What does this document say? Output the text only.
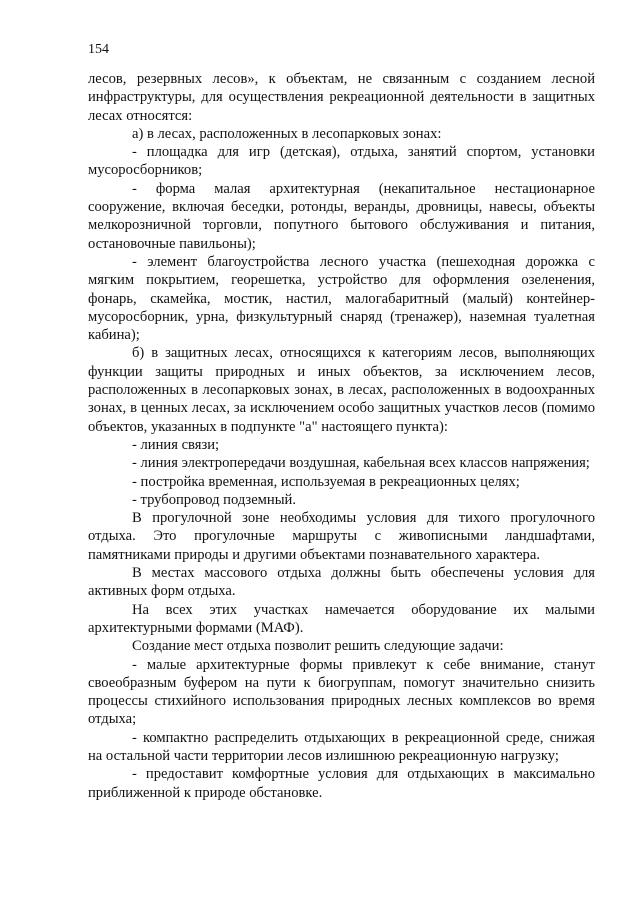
154

лесов, резервных лесов», к объектам, не связанным с созданием лесной инфраструктуры, для осуществления рекреационной деятельности в защитных лесах относятся:

а) в лесах, расположенных в лесопарковых зонах:

- площадка для игр (детская), отдыха, занятий спортом, установки мусоросборников;

- форма малая архитектурная (некапитальное нестационарное сооружение, включая беседки, ротонды, веранды, дровницы, навесы, объекты мелкорозничной торговли, попутного бытового обслуживания и питания, остановочные павильоны);

- элемент благоустройства лесного участка (пешеходная дорожка с мягким покрытием, георешетка, устройство для оформления озеленения, фонарь, скамейка, мостик, настил, малогабаритный (малый) контейнер-мусоросборник, урна, физкультурный снаряд (тренажер), наземная туалетная кабина);

б) в защитных лесах, относящихся к категориям лесов, выполняющих функции защиты природных и иных объектов, за исключением лесов, расположенных в лесопарковых зонах, в лесах, расположенных в водоохранных зонах, в ценных лесах, за исключением особо защитных участков лесов (помимо объектов, указанных в подпункте "а" настоящего пункта):

- линия связи;

- линия электропередачи воздушная, кабельная всех классов напряжения;

- постройка временная, используемая в рекреационных целях;

- трубопровод подземный.

В прогулочной зоне необходимы условия для тихого прогулочного отдыха. Это прогулочные маршруты с живописными ландшафтами, памятниками природы и другими объектами познавательного характера.

В местах массового отдыха должны быть обеспечены условия для активных форм отдыха.

На всех этих участках намечается оборудование их малыми архитектурными формами (МАФ).

Создание мест отдыха позволит решить следующие задачи:

- малые архитектурные формы привлекут к себе внимание, станут своеобразным буфером на пути к биогруппам, помогут значительно снизить процессы стихийного использования природных лесных комплексов во время отдыха;

- компактно распределить отдыхающих в рекреационной среде, снижая на остальной части территории лесов излишнюю рекреационную нагрузку;

- предоставит комфортные условия для отдыхающих в максимально приближенной к природе обстановке.
